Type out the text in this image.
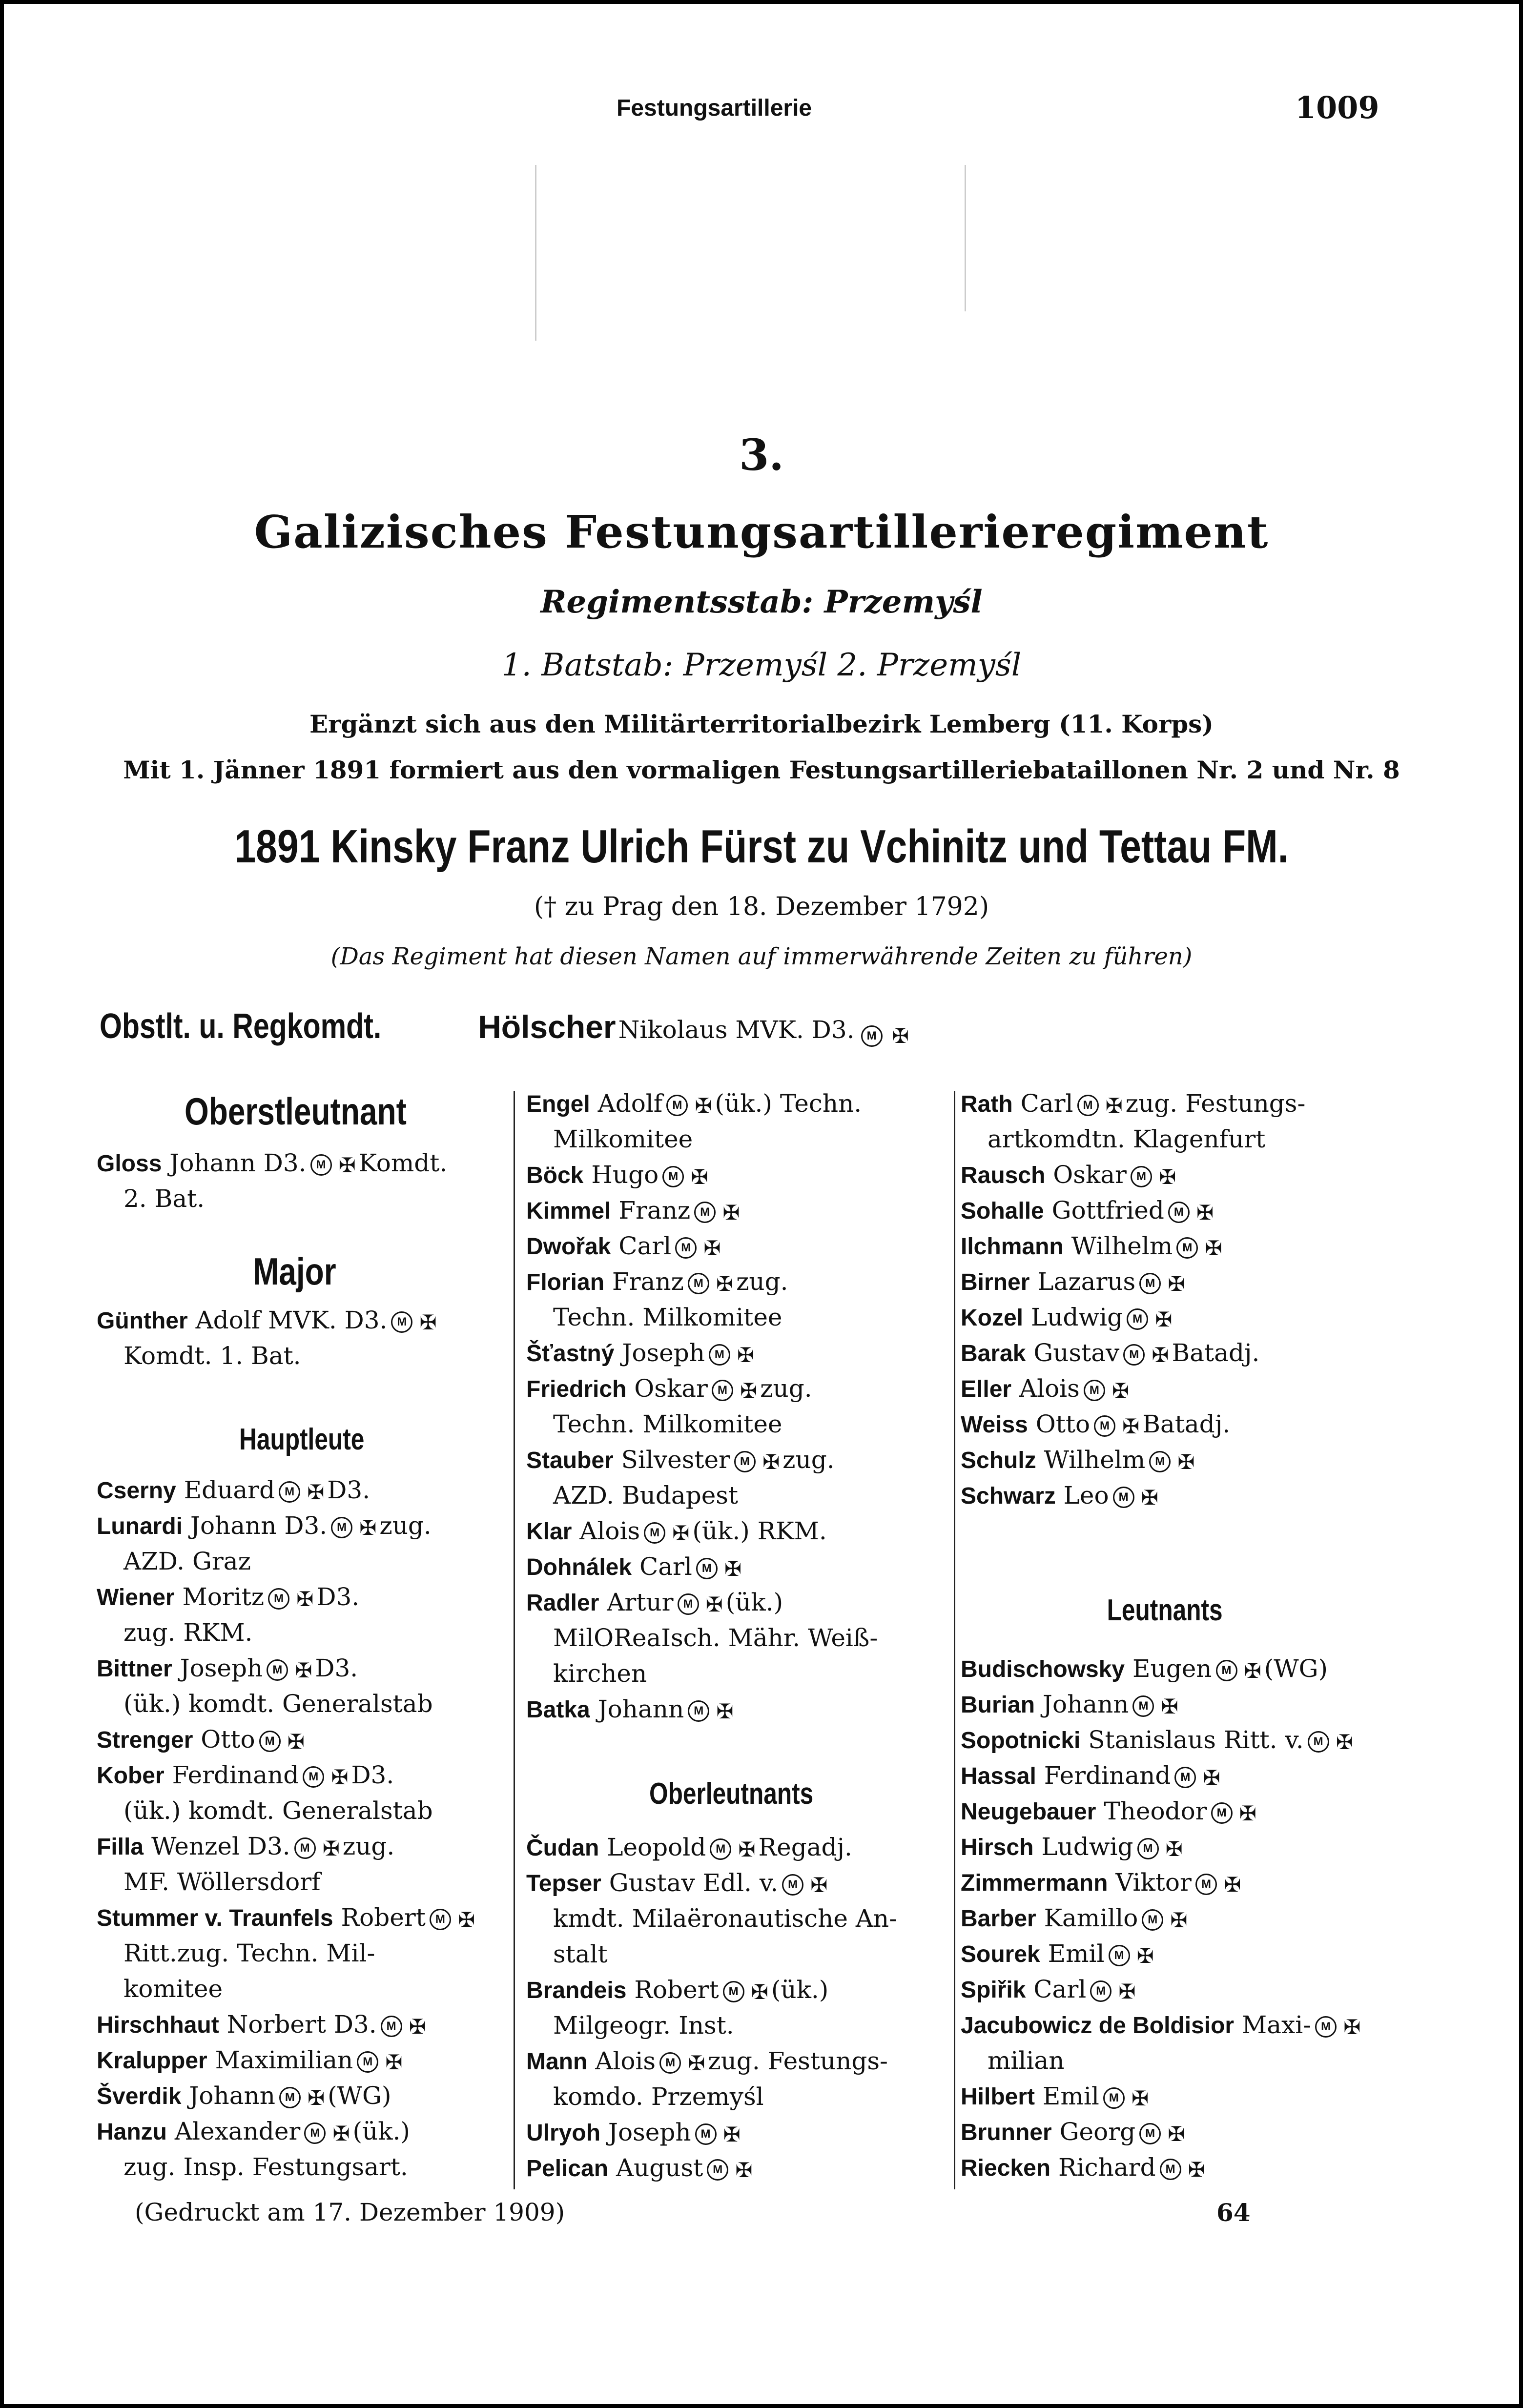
Festungsartillerie	1009
3.
Galizisches Festungsartillerieregiment
Regimentsstab: Przemyśl
1. Batstab: Przemyśl 2. Przemyśl
Ergänzt sich aus den Militärterritorialbezirk Lemberg (11. Korps)
Mit 1. Jänner 1891 formiert aus den vormaligen Festungsartilleriebataillonen Nr. 2 und Nr. 8
1891 Kinsky Franz Ulrich Fürst zu Vchinitz und Tettau FM.
(† zu Prag den 18. Dezember 1792)
(Das Regiment hat diesen Namen auf immerwährende Zeiten zu führen)
Obstlt. u. Regkomdt.	Hölscher Nikolaus MVK. D3. M ✠
Oberstleutnant
Gloss Johann D3. M ✠ Komdt.
2. Bat.
Major
Günther Adolf MVK. D3. M ✠
Komdt. 1. Bat.
Hauptleute
Cserny Eduard M ✠ D3.
Lunardi Johann D3. M ✠ zug.
AZD. Graz
Wiener Moritz M ✠ D3.
zug. RKM.
Bittner Joseph M ✠ D3.
(ük.) komdt. Generalstab
Strenger Otto M ✠
Kober Ferdinand M ✠ D3.
(ük.) komdt. Generalstab
Filla Wenzel D3. M ✠ zug.
MF. Wöllersdorf
Stummer v. Traunfels Robert M ✠
Ritt.zug. Techn. Mil-
komitee
Hirschhaut Norbert D3. M ✠
Kralupper Maximilian M ✠
Šverdik Johann M ✠ (WG)
Hanzu Alexander M ✠ (ük.)
zug. Insp. Festungsart.
Engel Adolf M ✠ (ük.) Techn.
Milkomitee
Böck Hugo M ✠
Kimmel Franz M ✠
Dwořak Carl M ✠
Florian Franz M ✠ zug.
Techn. Milkomitee
Šťastný Joseph M ✠
Friedrich Oskar M ✠ zug.
Techn. Milkomitee
Stauber Silvester M ✠ zug.
AZD. Budapest
Klar Alois M ✠ (ük.) RKM.
Dohnálek Carl M ✠
Radler Artur M ✠ (ük.)
MilOReaIsch. Mähr. Weiß-
kirchen
Batka Johann M ✠
Oberleutnants
Čudan Leopold M ✠ Regadj.
Tepser Gustav Edl. v. M ✠
kmdt. Milaëronautische An-
stalt
Brandeis Robert M ✠ (ük.)
Milgeogr. Inst.
Mann Alois M ✠ zug. Festungs-
komdo. Przemyśl
Ulryoh Joseph M ✠
Pelican August M ✠
Rath Carl M ✠ zug. Festungs-
artkomdtn. Klagenfurt
Rausch Oskar M ✠
Sohalle Gottfried M ✠
Ilchmann Wilhelm M ✠
Birner Lazarus M ✠
Kozel Ludwig M ✠
Barak Gustav M ✠ Batadj.
Eller Alois M ✠
Weiss Otto M ✠ Batadj.
Schulz Wilhelm M ✠
Schwarz Leo M ✠
Leutnants
Budischowsky Eugen M ✠ (WG)
Burian Johann M ✠
Sopotnicki Stanislaus Ritt. v. M ✠
Hassal Ferdinand M ✠
Neugebauer Theodor M ✠
Hirsch Ludwig M ✠
Zimmermann Viktor M ✠
Barber Kamillo M ✠
Sourek Emil M ✠
Spiřik Carl M ✠
Jacubowicz de Boldisior Maxi- M ✠
milian
Hilbert Emil M ✠
Brunner Georg M ✠
Riecken Richard M ✠
(Gedruckt am 17. Dezember 1909)	64
